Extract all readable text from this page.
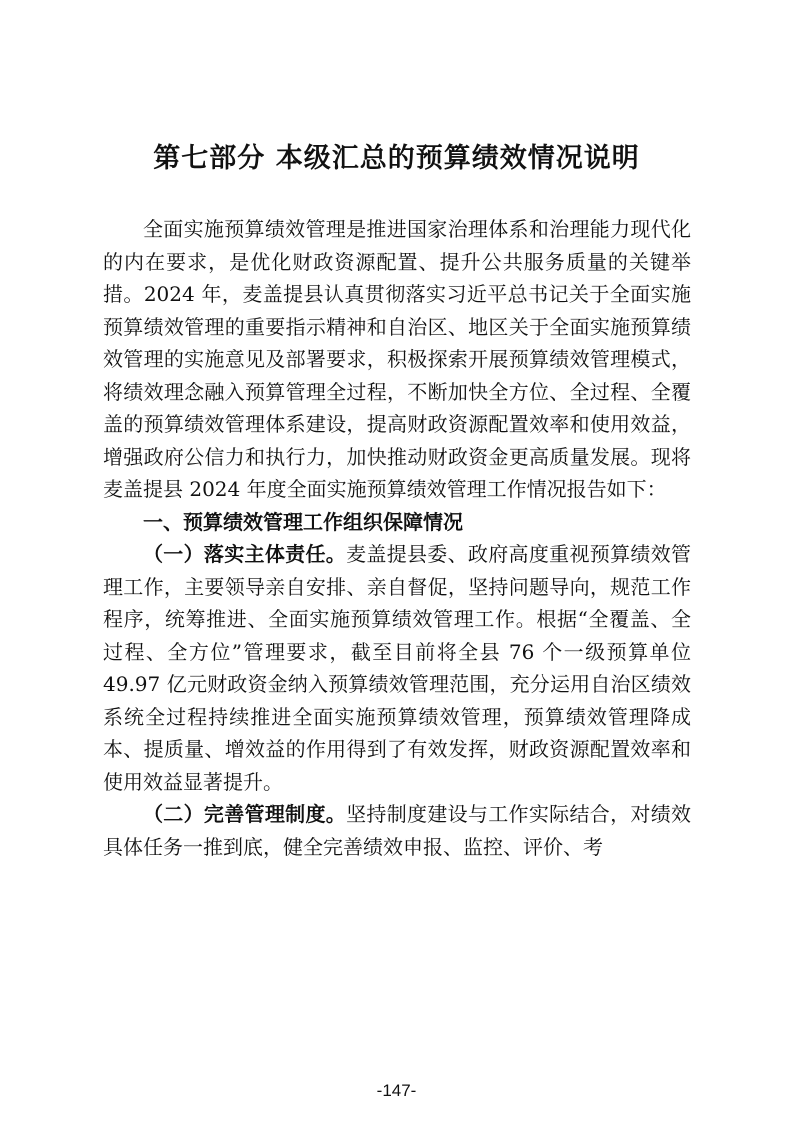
第七部分 本级汇总的预算绩效情况说明

全面实施预算绩效管理是推进国家治理体系和治理能力现代化的内在要求，是优化财政资源配置、提升公共服务质量的关键举措。2024 年，麦盖提县认真贯彻落实习近平总书记关于全面实施预算绩效管理的重要指示精神和自治区、地区关于全面实施预算绩效管理的实施意见及部署要求，积极探索开展预算绩效管理模式，将绩效理念融入预算管理全过程，不断加快全方位、全过程、全覆盖的预算绩效管理体系建设，提高财政资源配置效率和使用效益，增强政府公信力和执行力，加快推动财政资金更高质量发展。现将麦盖提县 2024 年度全面实施预算绩效管理工作情况报告如下：

一、预算绩效管理工作组织保障情况

（一）落实主体责任。麦盖提县委、政府高度重视预算绩效管理工作，主要领导亲自安排、亲自督促，坚持问题导向，规范工作程序，统筹推进、全面实施预算绩效管理工作。根据“全覆盖、全过程、全方位”管理要求，截至目前将全县 76 个一级预算单位 49.97 亿元财政资金纳入预算绩效管理范围，充分运用自治区绩效系统全过程持续推进全面实施预算绩效管理，预算绩效管理降成本、提质量、增效益的作用得到了有效发挥，财政资源配置效率和使用效益显著提升。

（二）完善管理制度。坚持制度建设与工作实际结合，对绩效具体任务一推到底，健全完善绩效申报、监控、评价、考

-147-
